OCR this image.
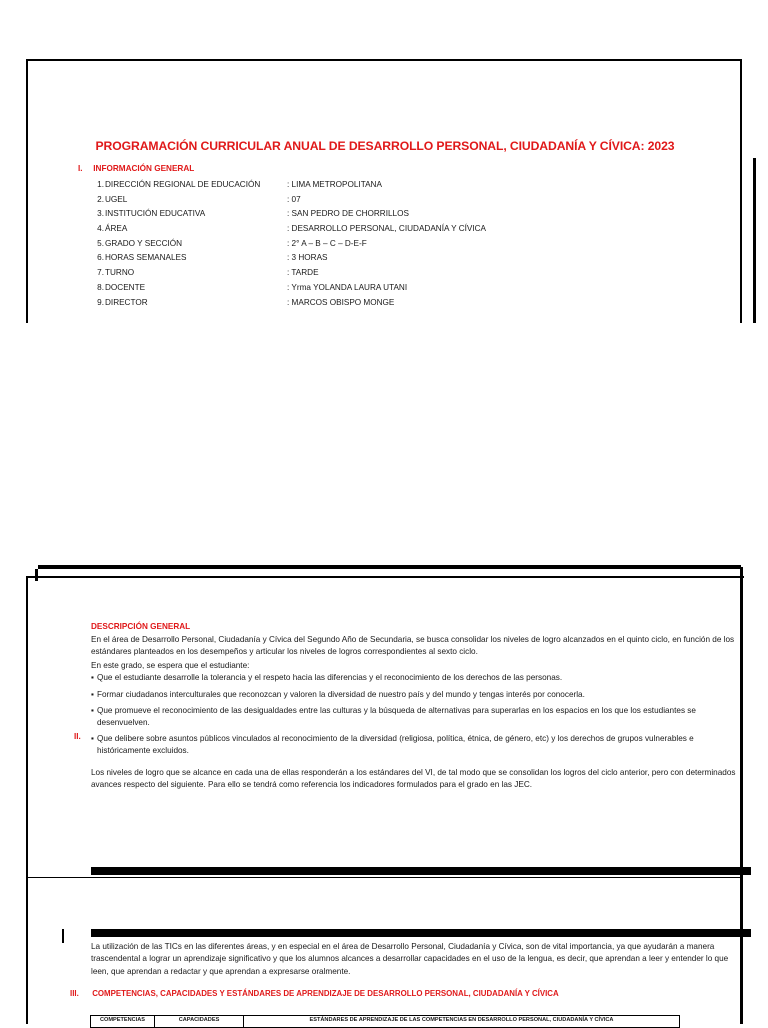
PROGRAMACIÓN CURRICULAR ANUAL DE DESARROLLO PERSONAL, CIUDADANÍA Y CÍVICA: 2023
I. INFORMACIÓN GENERAL
1. DIRECCIÓN REGIONAL DE EDUCACIÓN	: LIMA METROPOLITANA
2. UGEL	: 07
3. INSTITUCIÓN EDUCATIVA	: SAN PEDRO DE CHORRILLOS
4. ÁREA	: DESARROLLO PERSONAL, CIUDADANÍA Y CÍVICA
5. GRADO Y SECCIÓN	: 2° A – B – C – D-E-F
6. HORAS SEMANALES	: 3 HORAS
7. TURNO	: TARDE
8. DOCENTE	: Yrma YOLANDA LAURA UTANI
9. DIRECTOR	: MARCOS OBISPO MONGE
DESCRIPCIÓN GENERAL
En el área de Desarrollo Personal, Ciudadanía y Cívica del Segundo Año de Secundaria, se busca consolidar los niveles de logro alcanzados en el quinto ciclo, en función de los estándares planteados en los desempeños y articular los niveles de logros correspondientes al sexto ciclo.
En este grado, se espera que el estudiante:
▪ Que el estudiante desarrolle la tolerancia y el respeto hacia las diferencias y el reconocimiento de los derechos de las personas.
▪ Formar ciudadanos interculturales que reconozcan y valoren la diversidad de nuestro país y del mundo y tengas interés por conocerla.
▪ Que promueve el reconocimiento de las desigualdades entre las culturas y la búsqueda de alternativas para superarlas en los espacios en los que los estudiantes se desenvuelven.
II. ▪ Que delibere sobre asuntos públicos vinculados al reconocimiento de la diversidad (religiosa, política, étnica, de género, etc) y los derechos de grupos vulnerables e históricamente excluidos.
Los niveles de logro que se alcance en cada una de ellas responderán a los estándares del VI, de tal modo que se consolidan los logros del ciclo anterior, pero con determinados avances respecto del siguiente. Para ello se tendrá como referencia los indicadores formulados para el grado en las JEC.
La utilización de las TICs en las diferentes áreas, y en especial en el área de Desarrollo Personal, Ciudadanía y Cívica, son de vital importancia, ya que ayudarán a manera trascendental a lograr un aprendizaje significativo y que los alumnos alcances a desarrollar capacidades en el uso de la lengua, es decir, que aprendan a leer y entender lo que leen, que aprendan a redactar y que aprendan a expresarse oralmente.
III. COMPETENCIAS, CAPACIDADES Y ESTÁNDARES DE APRENDIZAJE DE DESARROLLO PERSONAL, CIUDADANÍA Y CÍVICA
COMPETENCIAS	CAPACIDADES	ESTÁNDARES DE APRENDIZAJE DE LAS COMPETENCIAS EN DESARROLLO PERSONAL, CIUDADANÍA Y CÍVICA
